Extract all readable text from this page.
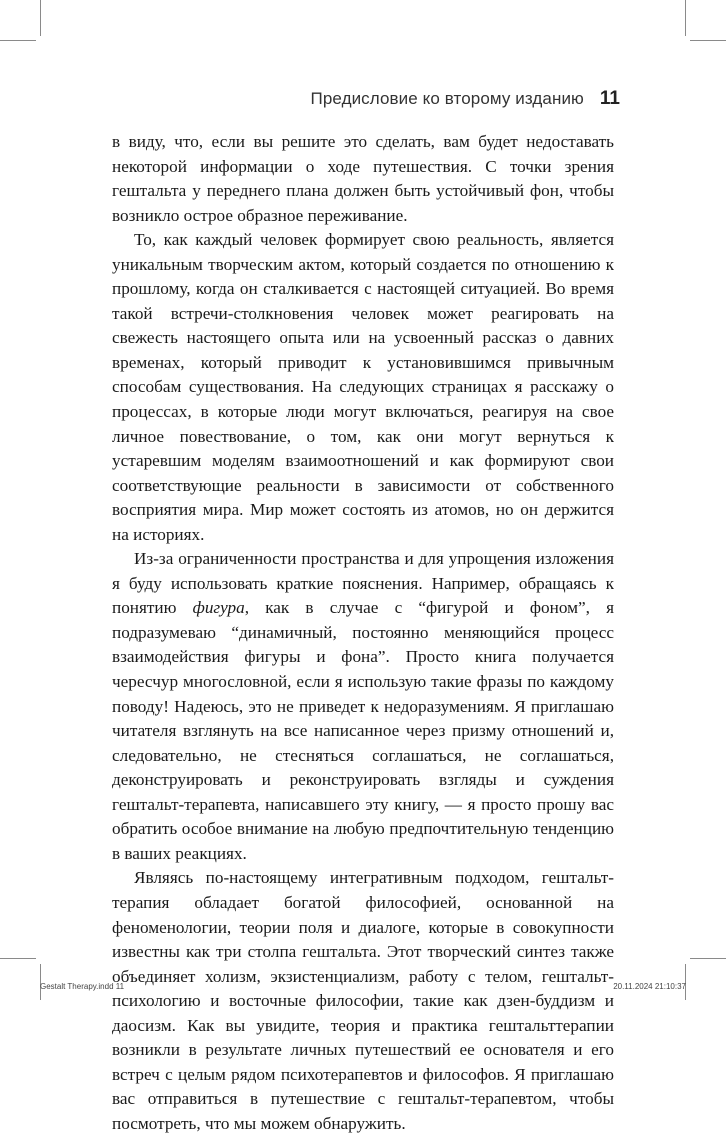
Предисловие ко второму изданию 11

в виду, что, если вы решите это сделать, вам будет недоставать некоторой информации о ходе путешествия. С точки зрения гештальта у переднего плана должен быть устойчивый фон, чтобы возникло острое образное переживание.

То, как каждый человек формирует свою реальность, является уникальным творческим актом, который создается по отношению к прошлому, когда он сталкивается с настоящей ситуацией. Во время такой встречи-столкновения человек может реагировать на свежесть настоящего опыта или на усвоенный рассказ о давних временах, который приводит к установившимся привычным способам существования. На следующих страницах я расскажу о процессах, в которые люди могут включаться, реагируя на свое личное повествование, о том, как они могут вернуться к устаревшим моделям взаимоотношений и как формируют свои соответствующие реальности в зависимости от собственного восприятия мира. Мир может состоять из атомов, но он держится на историях.

Из-за ограниченности пространства и для упрощения изложения я буду использовать краткие пояснения. Например, обращаясь к понятию фигура, как в случае с “фигурой и фоном”, я подразумеваю “динамичный, постоянно меняющийся процесс взаимодействия фигуры и фона”. Просто книга получается чересчур многословной, если я использую такие фразы по каждому поводу! Надеюсь, это не приведет к недоразумениям. Я приглашаю читателя взглянуть на все написанное через призму отношений и, следовательно, не стесняться соглашаться, не соглашаться, деконструировать и реконструировать взгляды и суждения гештальт-терапевта, написавшего эту книгу, — я просто прошу вас обратить особое внимание на любую предпочтительную тенденцию в ваших реакциях.

Являясь по-настоящему интегративным подходом, гештальт-терапия обладает богатой философией, основанной на феноменологии, теории поля и диалоге, которые в совокупности известны как три столпа гештальта. Этот творческий синтез также объединяет холизм, экзистенциализм, работу с телом, гештальт-психологию и восточные философии, такие как дзен-буддизм и даосизм. Как вы увидите, теория и практика гештальттерапии возникли в результате личных путешествий ее основателя и его встреч с целым рядом психотерапевтов и философов. Я приглашаю вас отправиться в путешествие с гештальт-терапевтом, чтобы посмотреть, что мы можем обнаружить.

Gestalt Therapy.indd 11	20.11.2024 21:10:37
